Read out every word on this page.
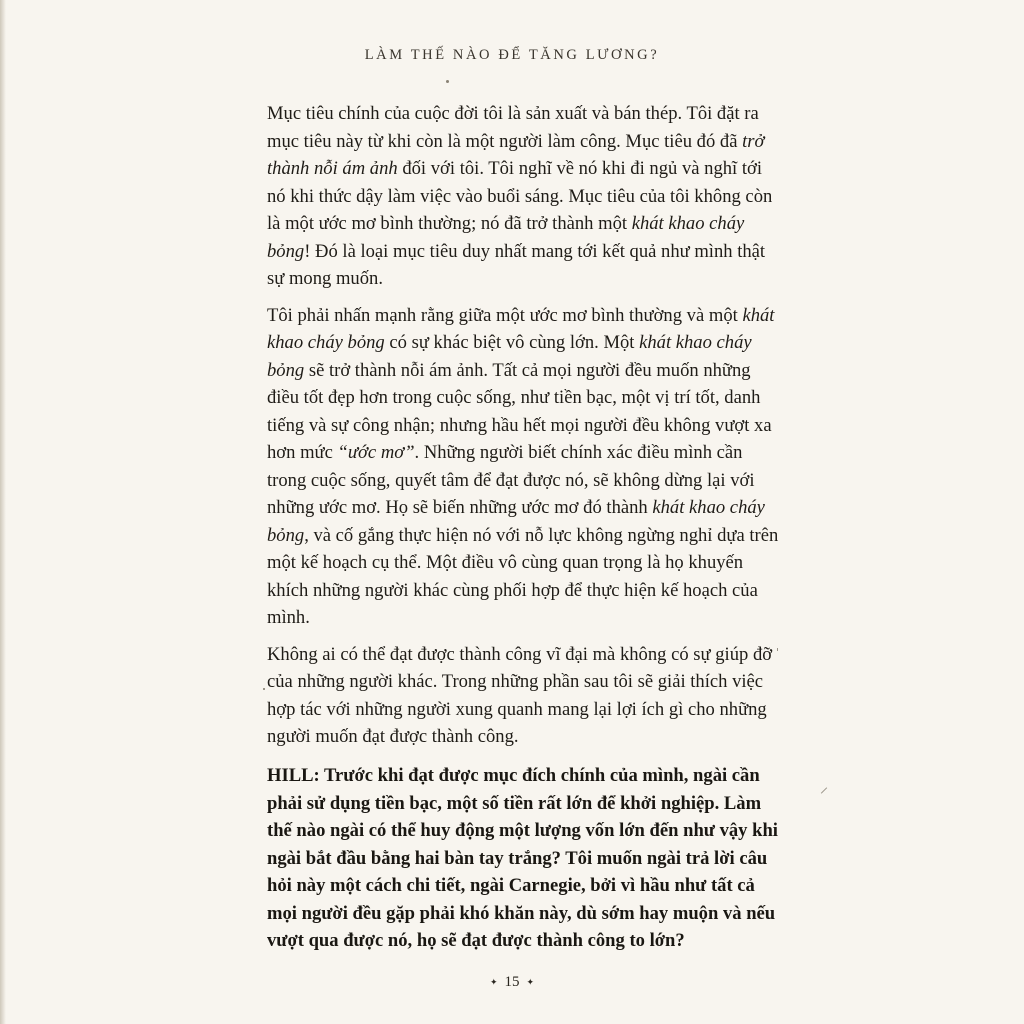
LÀM THẾ NÀO ĐỂ TĂNG LƯƠNG?

Mục tiêu chính của cuộc đời tôi là sản xuất và bán thép. Tôi đặt ra mục tiêu này từ khi còn là một người làm công. Mục tiêu đó đã trở thành nỗi ám ảnh đối với tôi. Tôi nghĩ về nó khi đi ngủ và nghĩ tới nó khi thức dậy làm việc vào buổi sáng. Mục tiêu của tôi không còn là một ước mơ bình thường; nó đã trở thành một khát khao cháy bỏng! Đó là loại mục tiêu duy nhất mang tới kết quả như mình thật sự mong muốn.

Tôi phải nhấn mạnh rằng giữa một ước mơ bình thường và một khát khao cháy bỏng có sự khác biệt vô cùng lớn. Một khát khao cháy bỏng sẽ trở thành nỗi ám ảnh. Tất cả mọi người đều muốn những điều tốt đẹp hơn trong cuộc sống, như tiền bạc, một vị trí tốt, danh tiếng và sự công nhận; nhưng hầu hết mọi người đều không vượt xa hơn mức “ước mơ”. Những người biết chính xác điều mình cần trong cuộc sống, quyết tâm để đạt được nó, sẽ không dừng lại với những ước mơ. Họ sẽ biến những ước mơ đó thành khát khao cháy bỏng, và cố gắng thực hiện nó với nỗ lực không ngừng nghỉ dựa trên một kế hoạch cụ thể. Một điều vô cùng quan trọng là họ khuyến khích những người khác cùng phối hợp để thực hiện kế hoạch của mình.

Không ai có thể đạt được thành công vĩ đại mà không có sự giúp đỡ của những người khác. Trong những phần sau tôi sẽ giải thích việc hợp tác với những người xung quanh mang lại lợi ích gì cho những người muốn đạt được thành công.

HILL: Trước khi đạt được mục đích chính của mình, ngài cần phải sử dụng tiền bạc, một số tiền rất lớn để khởi nghiệp. Làm thế nào ngài có thể huy động một lượng vốn lớn đến như vậy khi ngài bắt đầu bằng hai bàn tay trắng? Tôi muốn ngài trả lời câu hỏi này một cách chi tiết, ngài Carnegie, bởi vì hầu như tất cả mọi người đều gặp phải khó khăn này, dù sớm hay muộn và nếu vượt qua được nó, họ sẽ đạt được thành công to lớn?
✦ 15 ✦
